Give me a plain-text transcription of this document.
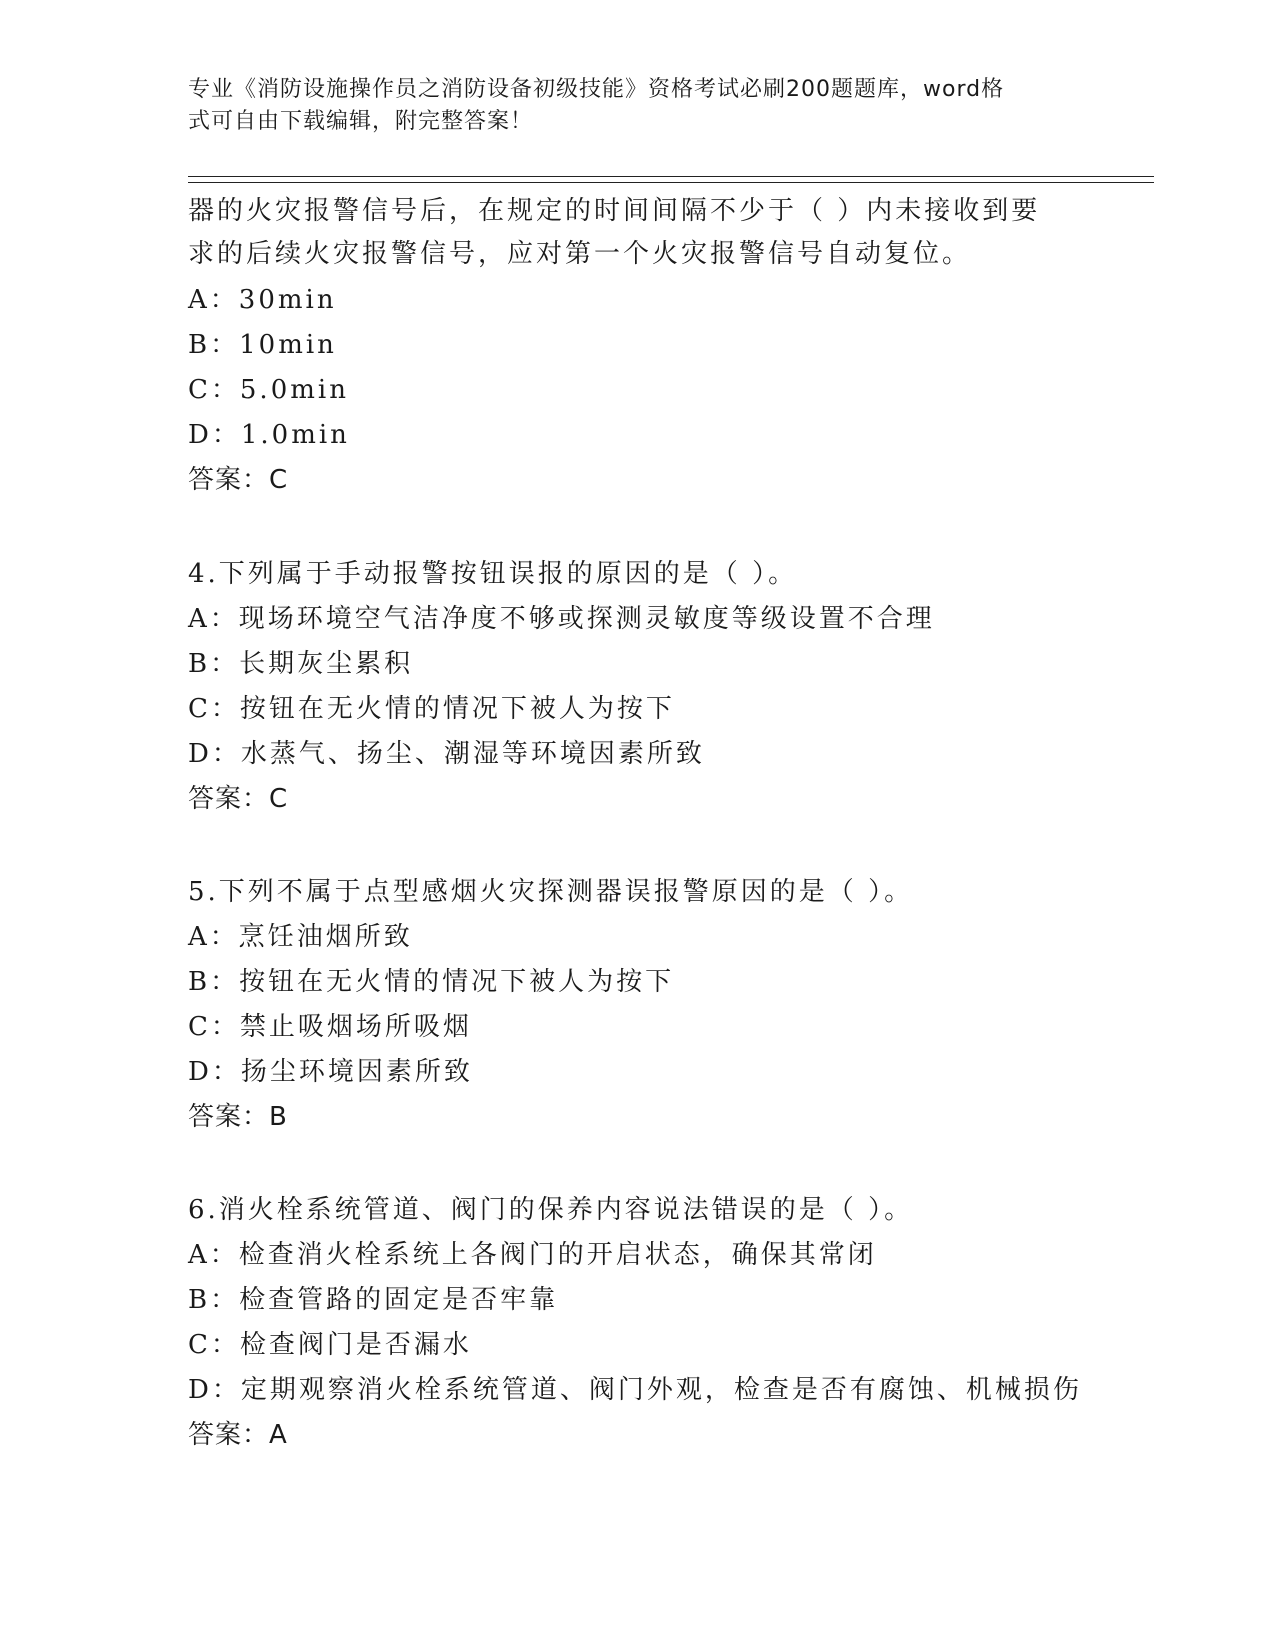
专业《消防设施操作员之消防设备初级技能》资格考试必刷200题题库，word格
式可自由下载编辑，附完整答案！
器的火灾报警信号后，在规定的时间间隔不少于（ ）内未接收到要
求的后续火灾报警信号，应对第一个火灾报警信号自动复位。
A：30min
B：10min
C：5.0min
D：1.0min
答案：C
4.下列属于手动报警按钮误报的原因的是（ ）。
A：现场环境空气洁净度不够或探测灵敏度等级设置不合理
B：长期灰尘累积
C：按钮在无火情的情况下被人为按下
D：水蒸气、扬尘、潮湿等环境因素所致
答案：C
5.下列不属于点型感烟火灾探测器误报警原因的是（ ）。
A：烹饪油烟所致
B：按钮在无火情的情况下被人为按下
C：禁止吸烟场所吸烟
D：扬尘环境因素所致
答案：B
6.消火栓系统管道、阀门的保养内容说法错误的是（ ）。
A：检查消火栓系统上各阀门的开启状态，确保其常闭
B：检查管路的固定是否牢靠
C：检查阀门是否漏水
D：定期观察消火栓系统管道、阀门外观，检查是否有腐蚀、机械损伤
答案：A
